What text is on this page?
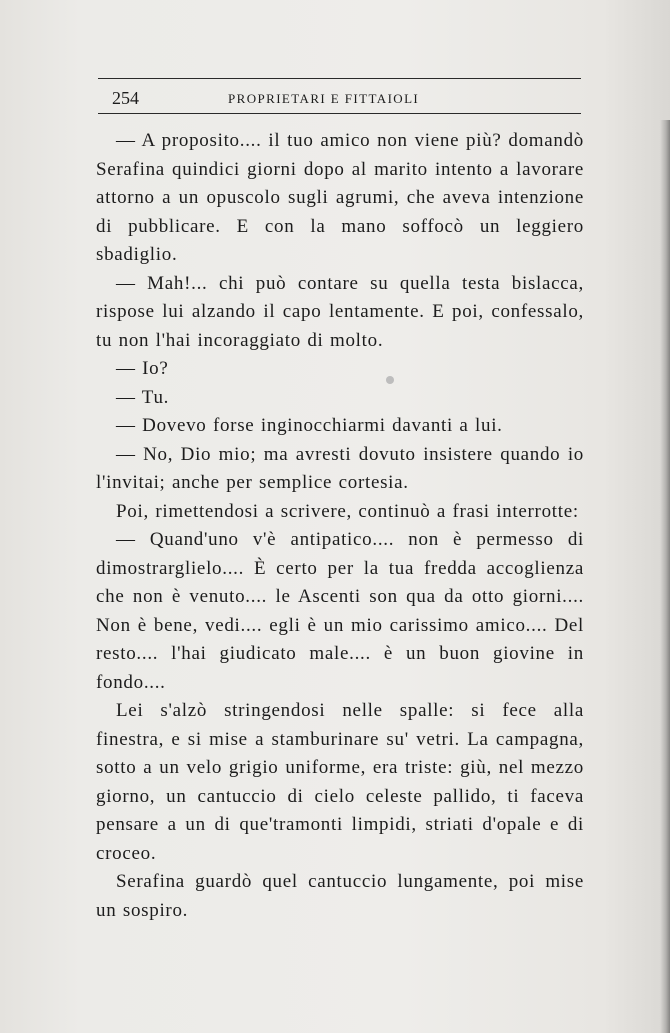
254	PROPRIETARI E FITTAIOLI

— A proposito.... il tuo amico non viene più? domandò Serafina quindici giorni dopo al marito intento a lavorare attorno a un opuscolo sugli agrumi, che aveva intenzione di pubblicare. E con la mano soffocò un leggiero sbadiglio.

— Mah!... chi può contare su quella testa bislacca, rispose lui alzando il capo lentamente. E poi, confessalo, tu non l'hai incoraggiato di molto.

— Io?

— Tu.

— Dovevo forse inginocchiarmi davanti a lui.

— No, Dio mio; ma avresti dovuto insistere quando io l'invitai; anche per semplice cortesia.

Poi, rimettendosi a scrivere, continuò a frasi interrotte:

— Quand'uno v'è antipatico.... non è permesso di dimostrarglielo.... È certo per la tua fredda accoglienza che non è venuto.... le Ascenti son qua da otto giorni.... Non è bene, vedi.... egli è un mio carissimo amico.... Del resto.... l'hai giudicato male.... è un buon giovine in fondo....

Lei s'alzò stringendosi nelle spalle: si fece alla finestra, e si mise a stamburinare su' vetri. La campagna, sotto a un velo grigio uniforme, era triste: giù, nel mezzo giorno, un cantuccio di cielo celeste pallido, ti faceva pensare a un di que'tramonti limpidi, striati d'opale e di croceo.

Serafina guardò quel cantuccio lungamente, poi mise un sospiro.
